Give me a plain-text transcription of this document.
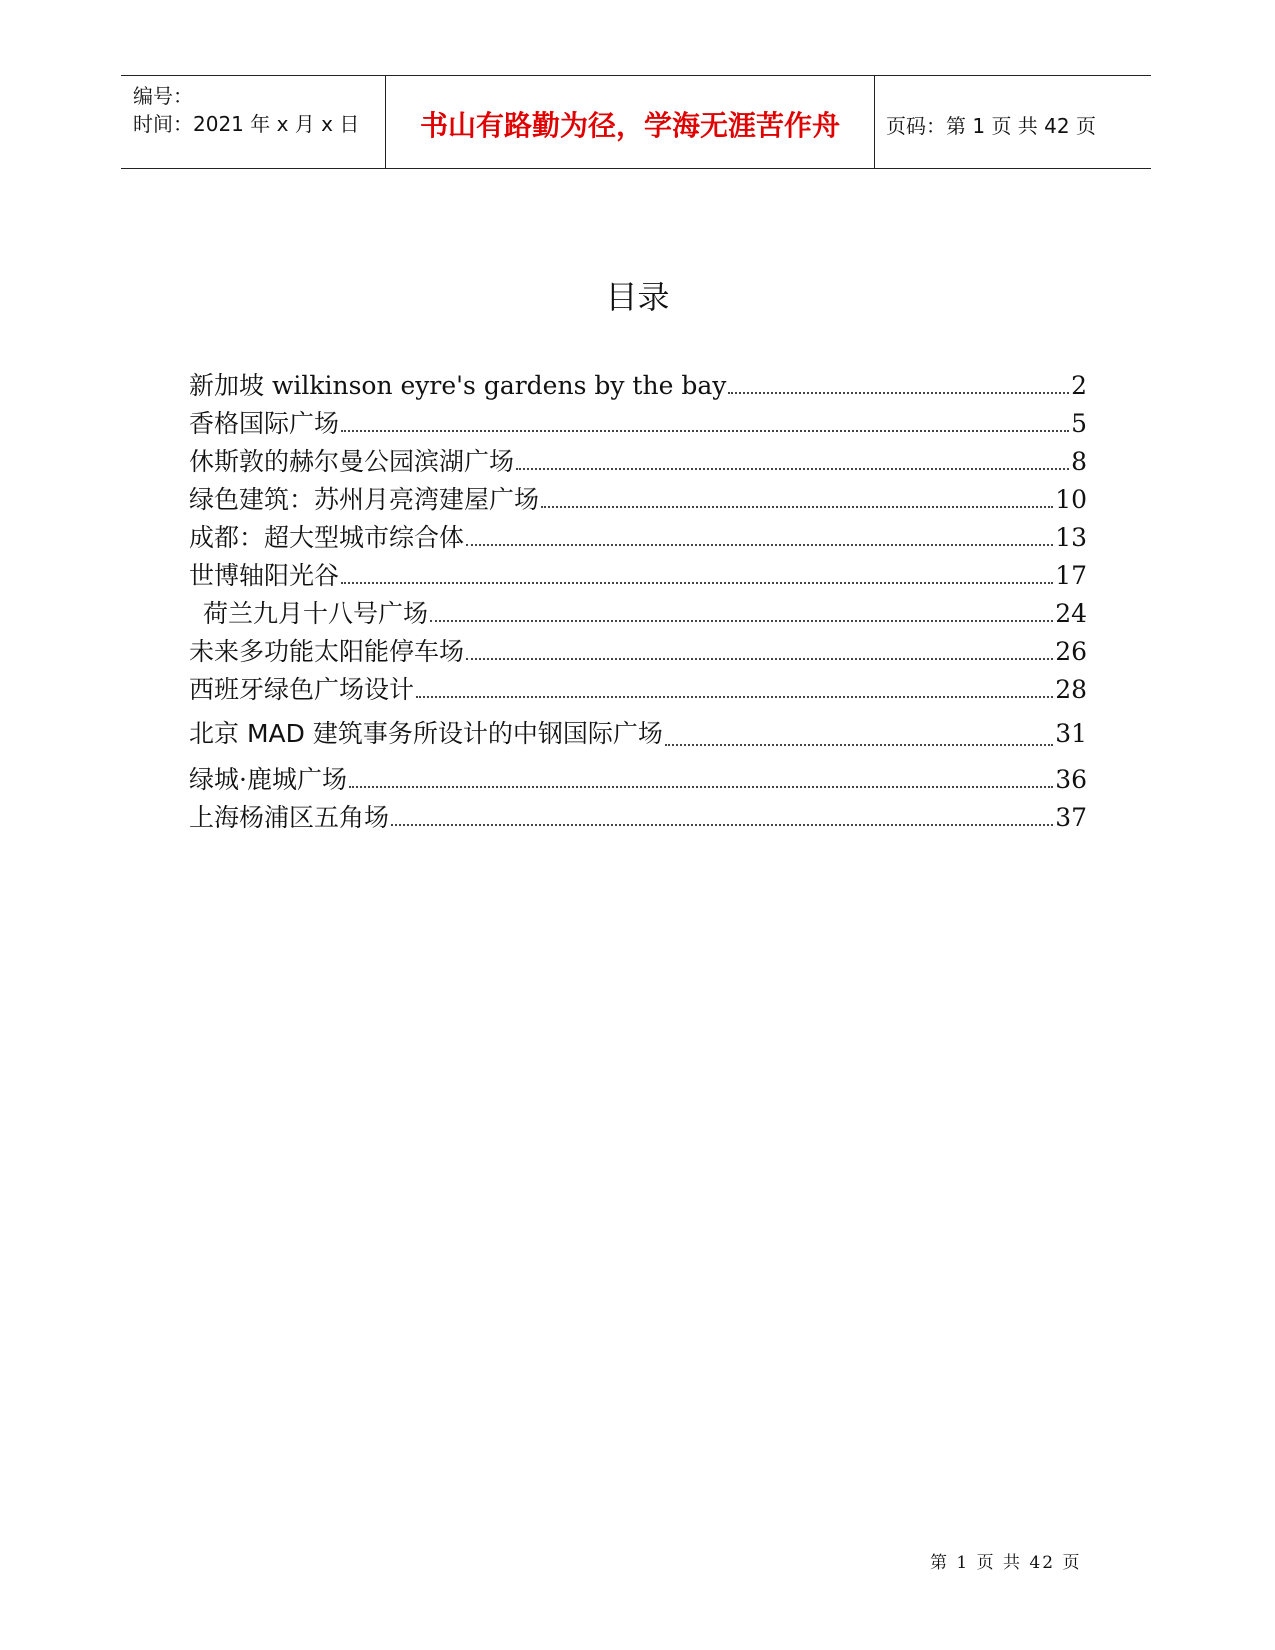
编号：
时间：2021 年 x 月 x 日	书山有路勤为径，学海无涯苦作舟	页码：第 1 页 共 42 页
目录
新加坡 wilkinson eyre's gardens by the bay	2
香格国际广场	5
休斯敦的赫尔曼公园滨湖广场	8
绿色建筑：苏州月亮湾建屋广场	10
成都：超大型城市综合体	13
世博轴阳光谷	17
荷兰九月十八号广场	24
未来多功能太阳能停车场	26
西班牙绿色广场设计	28
北京 MAD 建筑事务所设计的中钢国际广场	31
绿城·鹿城广场	36
上海杨浦区五角场	37
第 1 页 共 42 页
